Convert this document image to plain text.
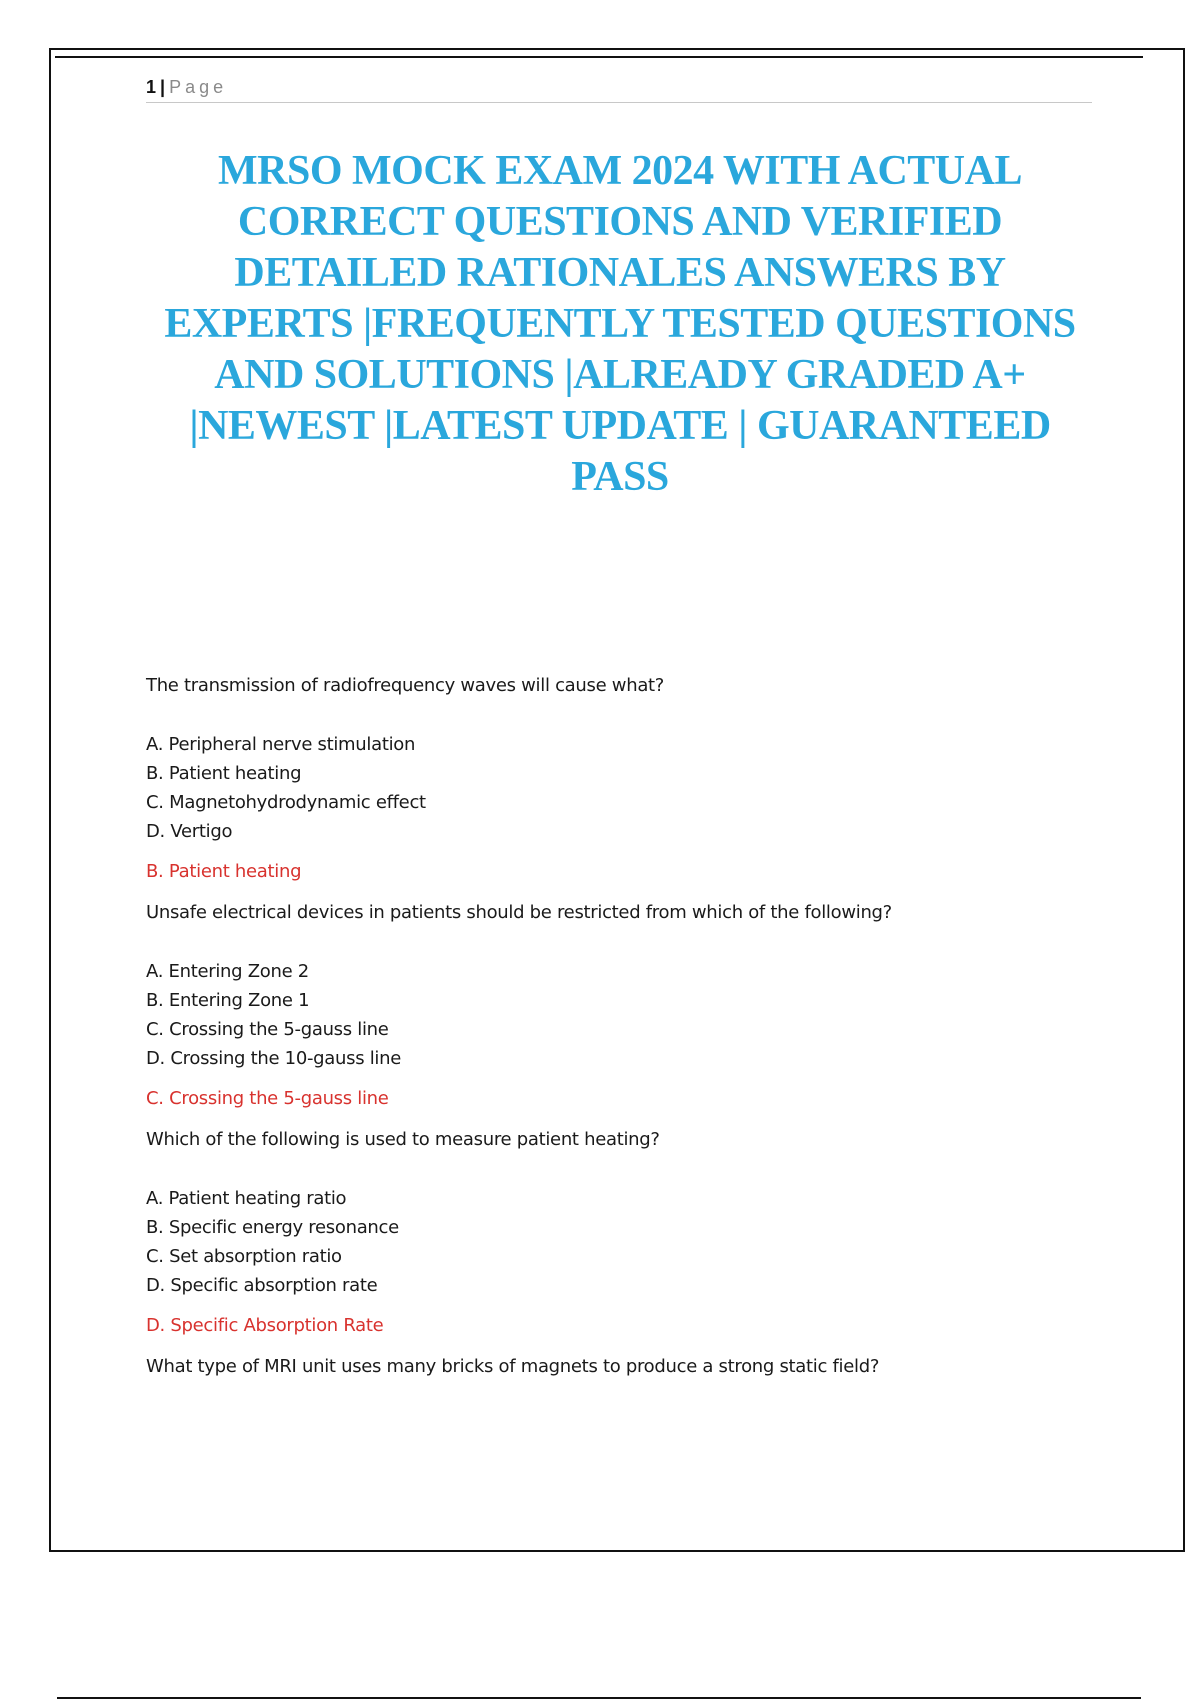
1 | Page
MRSO MOCK EXAM 2024 WITH ACTUAL CORRECT QUESTIONS AND VERIFIED DETAILED RATIONALES ANSWERS BY EXPERTS |FREQUENTLY TESTED QUESTIONS AND SOLUTIONS |ALREADY GRADED A+ |NEWEST |LATEST UPDATE | GUARANTEED PASS

The transmission of radiofrequency waves will cause what?

A. Peripheral nerve stimulation
B. Patient heating
C. Magnetohydrodynamic effect
D. Vertigo

B. Patient heating

Unsafe electrical devices in patients should be restricted from which of the following?

A. Entering Zone 2
B. Entering Zone 1
C. Crossing the 5-gauss line
D. Crossing the 10-gauss line

C. Crossing the 5-gauss line

Which of the following is used to measure patient heating?

A. Patient heating ratio
B. Specific energy resonance
C. Set absorption ratio
D. Specific absorption rate

D. Specific Absorption Rate

What type of MRI unit uses many bricks of magnets to produce a strong static field?
